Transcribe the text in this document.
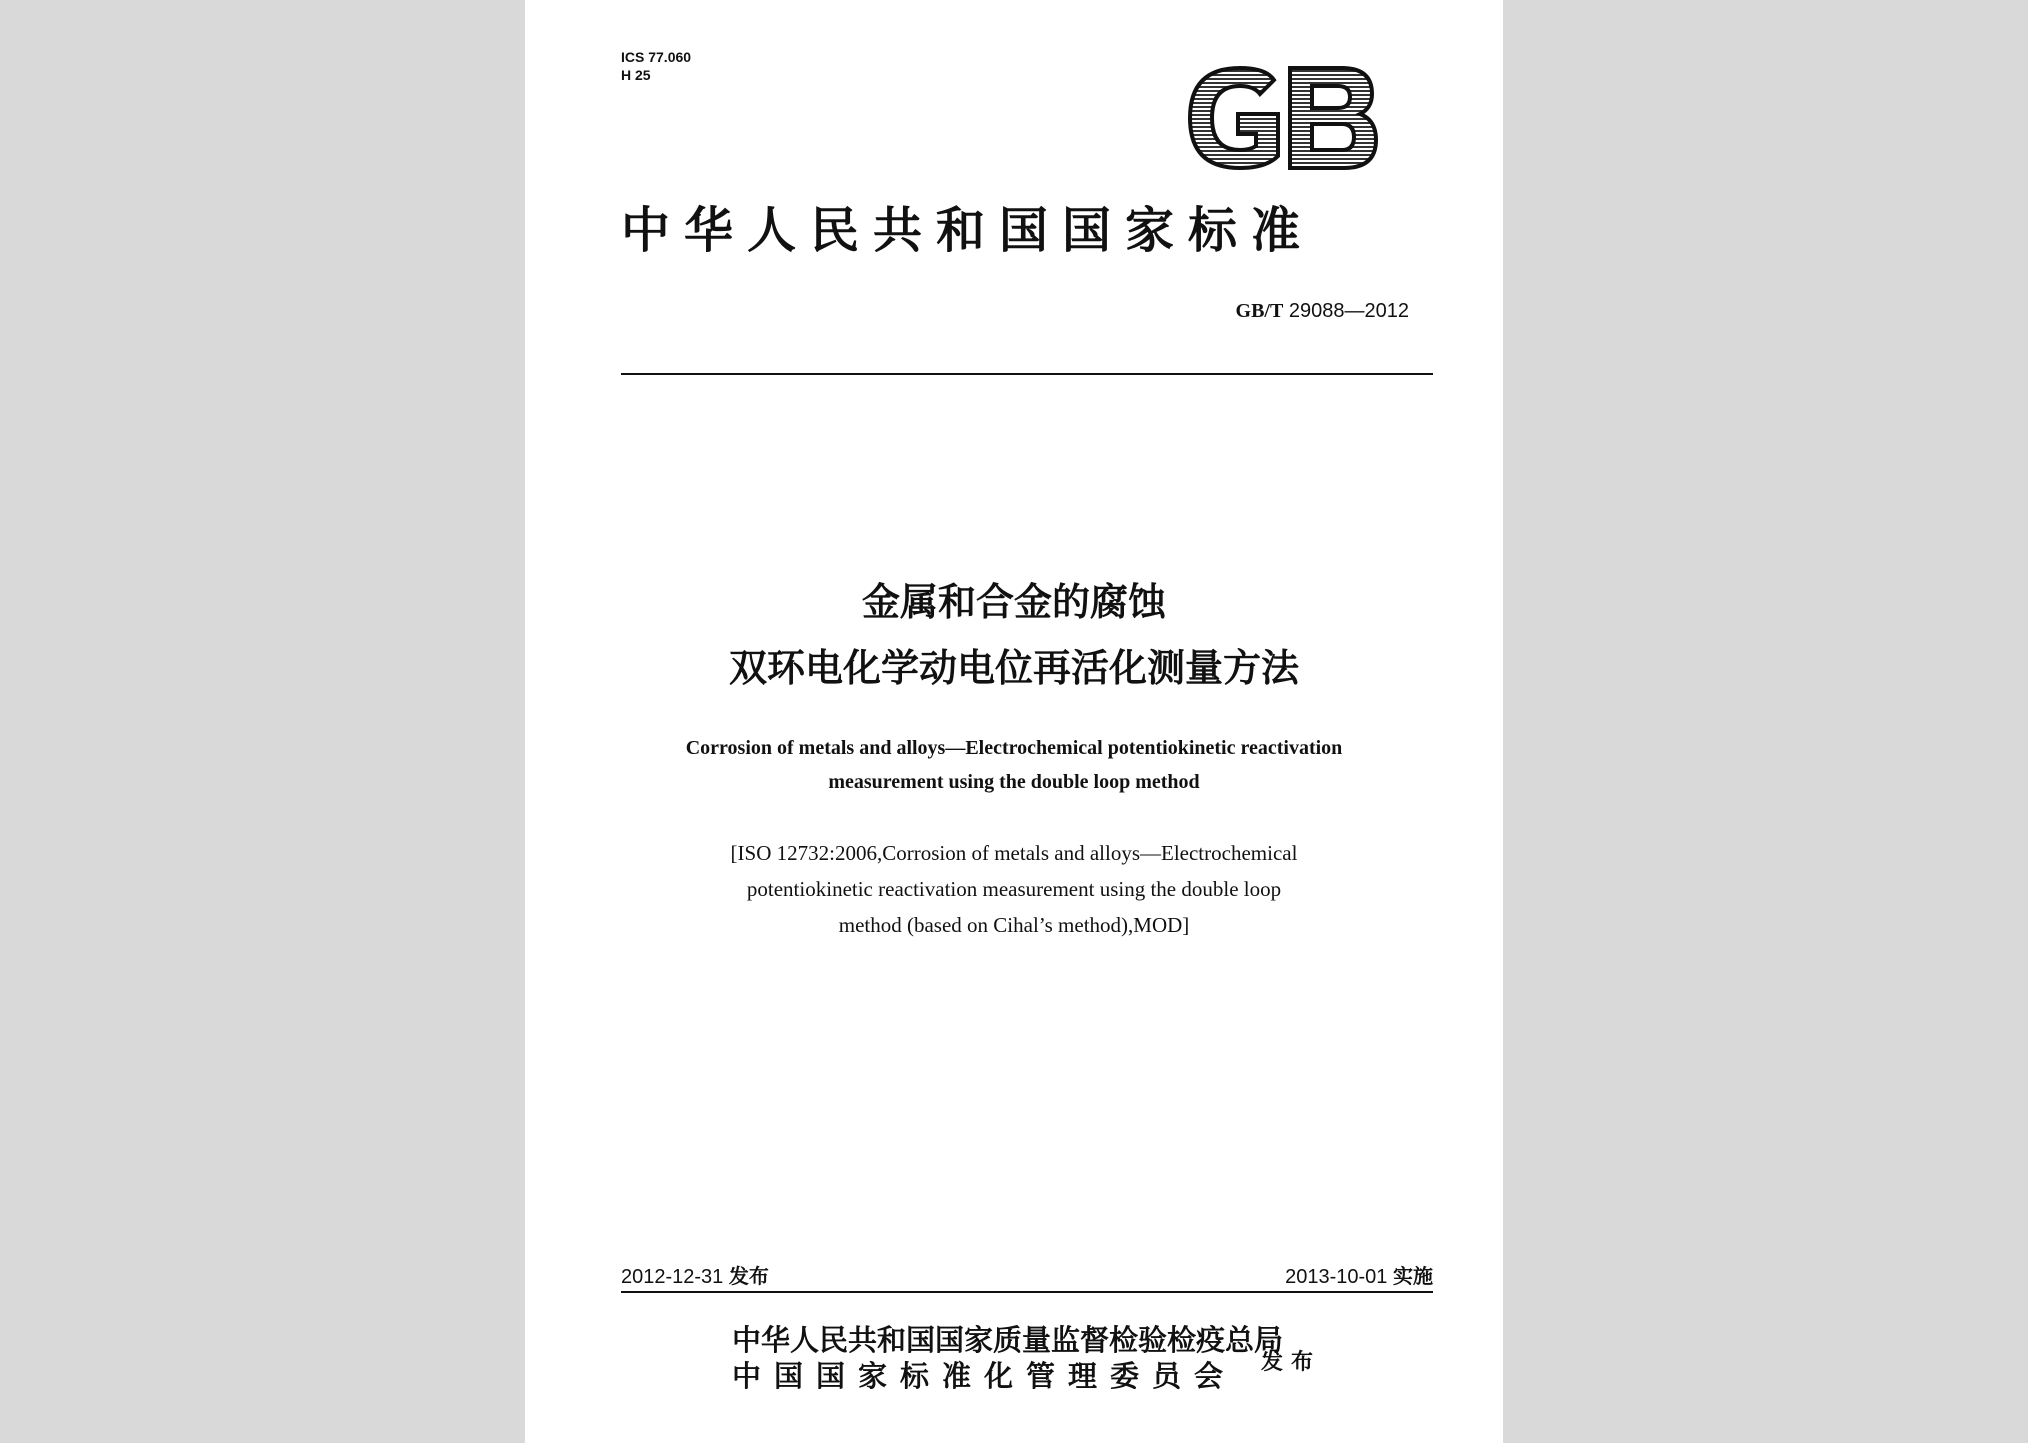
ICS 77.060
H 25
中华人民共和国国家标准
GB/T 29088—2012
金属和合金的腐蚀
双环电化学动电位再活化测量方法
Corrosion of metals and alloys—Electrochemical potentiokinetic reactivation
measurement using the double loop method
[ISO 12732:2006,Corrosion of metals and alloys—Electrochemical
potentiokinetic reactivation measurement using the double loop
method (based on Cihal’s method),MOD]
2012-12-31 发布	2013-10-01 实施
中华人民共和国国家质量监督检验检疫总局
中国国家标准化管理委员会 发布
